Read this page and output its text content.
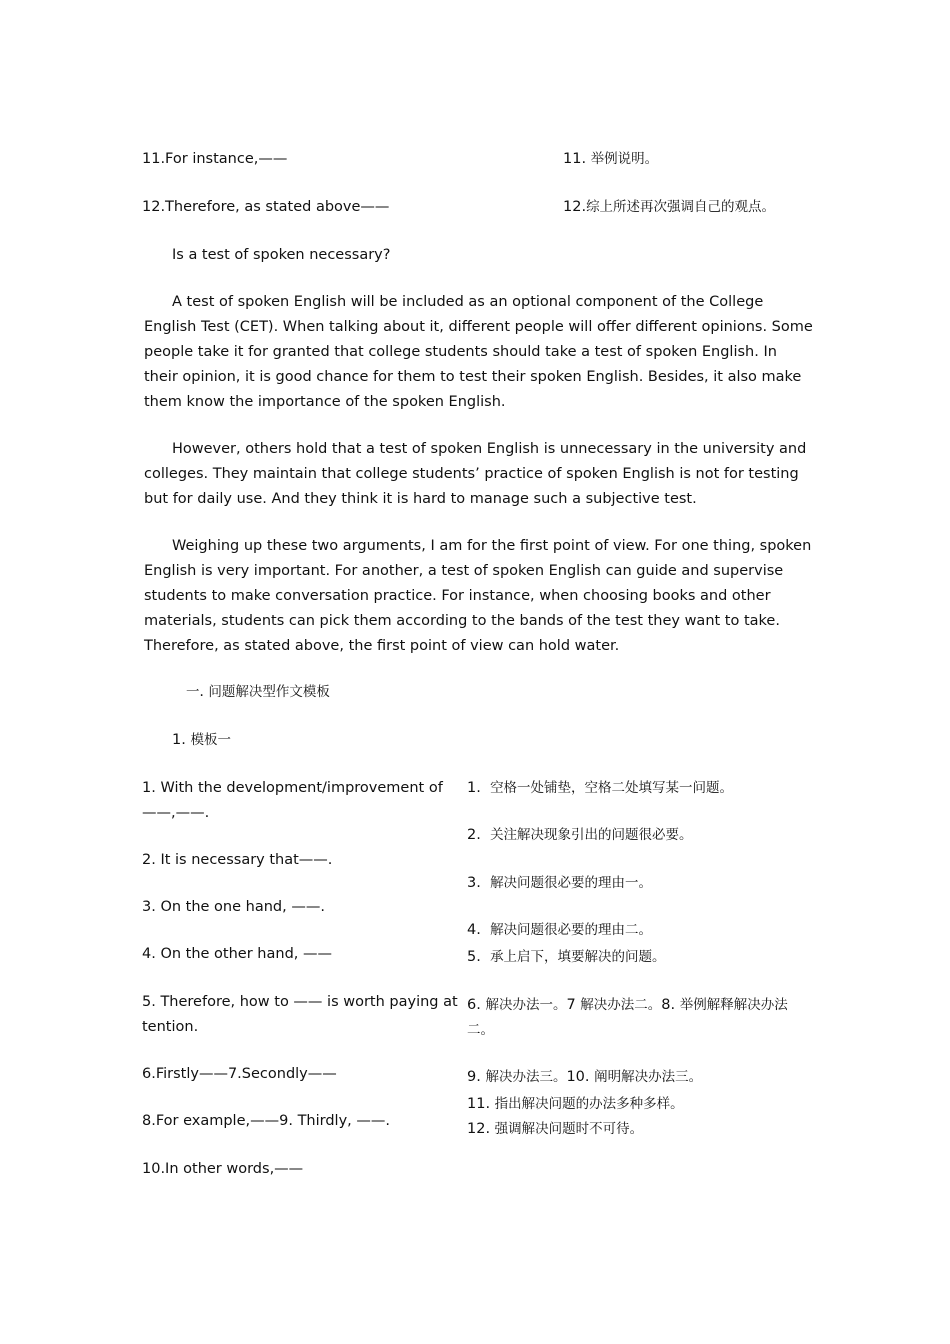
11.For instance,——	11. 举例说明。
12.Therefore, as stated above——	12.综上所述再次强调自己的观点。
Is a test of spoken necessary?
A test of spoken English will be included as an optional component of the College English Test (CET). When talking about it, different people will offer different opinions. Some people take it for granted that college students should take a test of spoken English. In their opinion, it is good chance for them to test their spoken English. Besides, it also make them know the importance of the spoken English.
However, others hold that a test of spoken English is unnecessary in the university and colleges. They maintain that college students’ practice of spoken English is not for testing but for daily use. And they think it is hard to manage such a subjective test.
Weighing up these two arguments, I am for the first point of view. For one thing, spoken English is very important. For another, a test of spoken English can guide and supervise students to make conversation practice. For instance, when choosing books and other materials, students can pick them according to the bands of the test they want to take. Therefore, as stated above, the first point of view can hold water.
一. 问题解决型作文模板
1. 模板一
1. With the development/improvement of ——,——.
2. It is necessary that——.
3. On the one hand, ——.
4. On the other hand, ——
5. Therefore, how to —— is worth paying attention.
6.Firstly——7.Secondly——
8.For example,——9. Thirdly, ——.
10.In other words,——
1. 空格一处铺垫，空格二处填写某一问题。
2. 关注解决现象引出的问题很必要。
3. 解决问题很必要的理由一。
4. 解决问题很必要的理由二。
5. 承上启下，填要解决的问题。
6. 解决办法一。7 解决办法二。8. 举例解释解决办法二。
9. 解决办法三。10. 阐明解决办法三。
11. 指出解决问题的办法多种多样。
12. 强调解决问题时不可待。
